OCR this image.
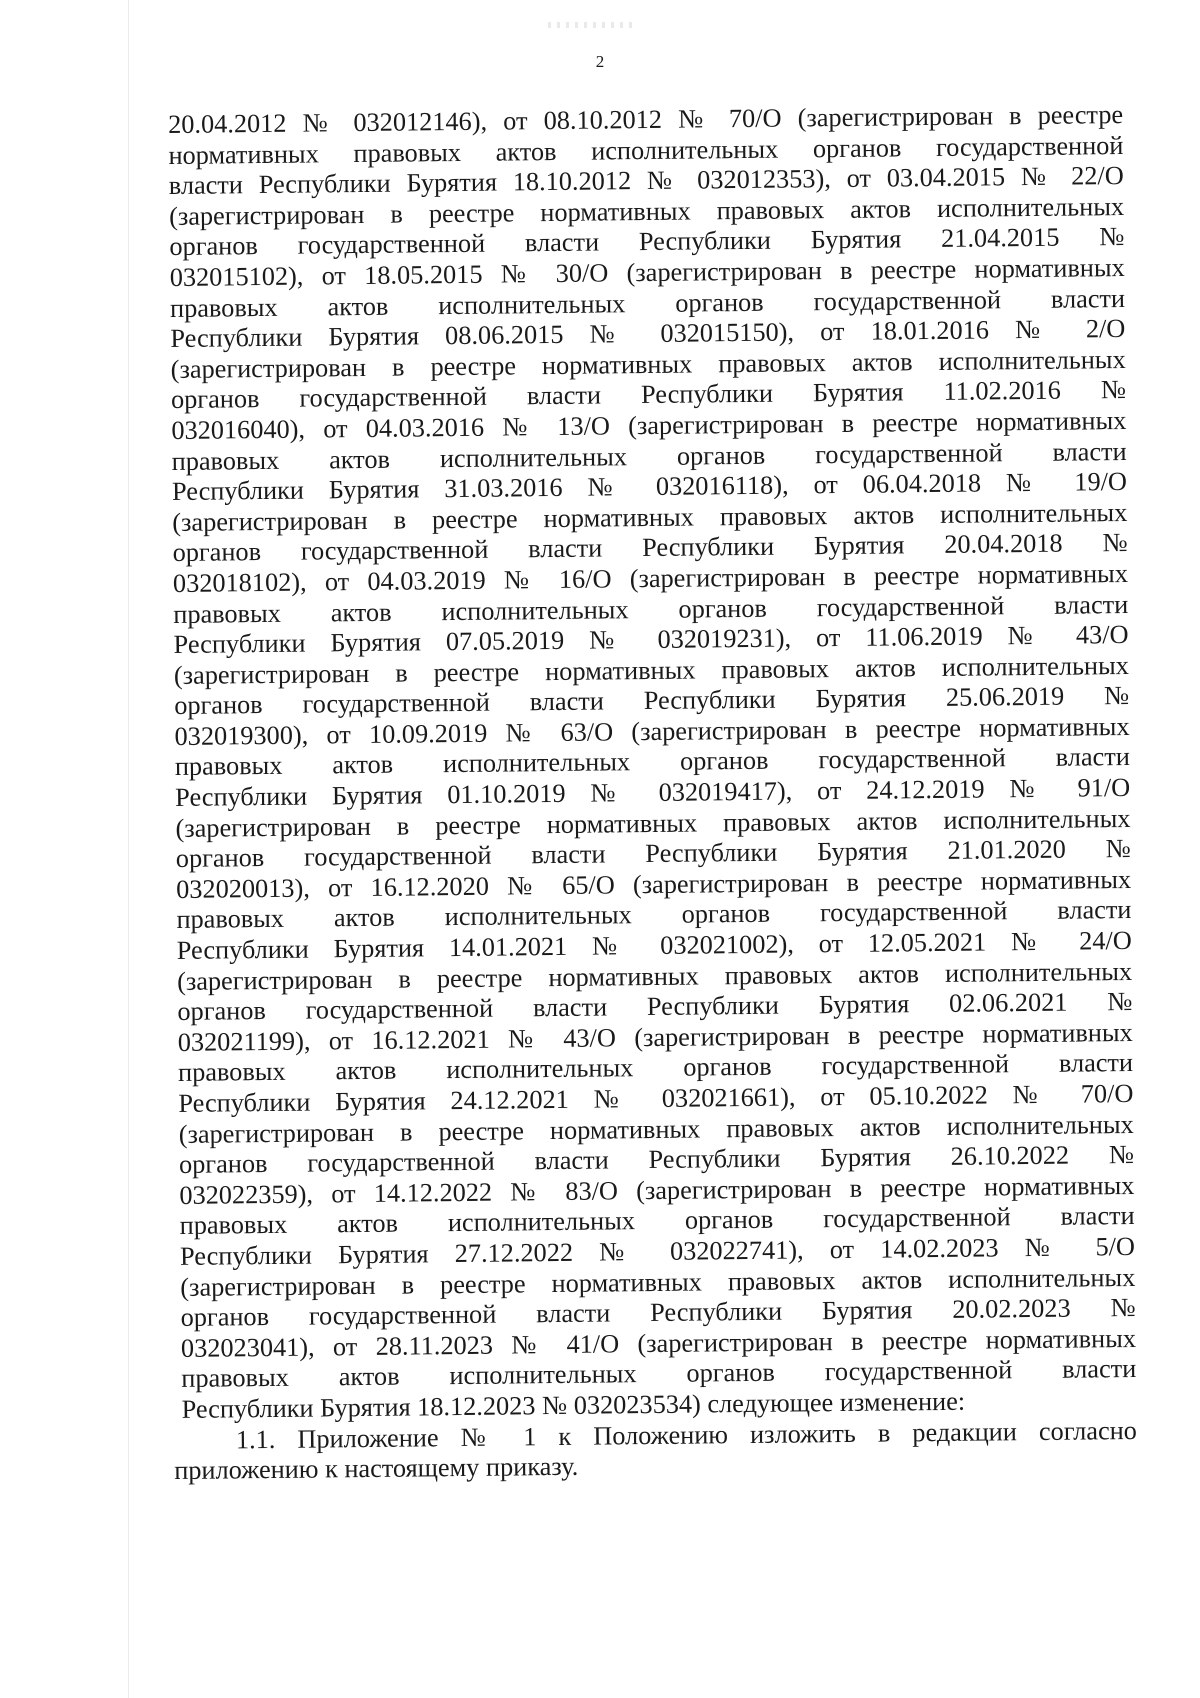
2
20.04.2012 № 032012146), от 08.10.2012 № 70/О (зарегистрирован в реестре
нормативных правовых актов исполнительных органов государственной
власти Республики Бурятия 18.10.2012 № 032012353), от 03.04.2015 № 22/О
(зарегистрирован в реестре нормативных правовых актов исполнительных
органов государственной власти Республики Бурятия 21.04.2015 №
032015102), от 18.05.2015 № 30/О (зарегистрирован в реестре нормативных
правовых актов исполнительных органов государственной власти
Республики Бурятия 08.06.2015 № 032015150), от 18.01.2016 № 2/О
(зарегистрирован в реестре нормативных правовых актов исполнительных
органов государственной власти Республики Бурятия 11.02.2016 №
032016040), от 04.03.2016 № 13/О (зарегистрирован в реестре нормативных
правовых актов исполнительных органов государственной власти
Республики Бурятия 31.03.2016 № 032016118), от 06.04.2018 № 19/О
(зарегистрирован в реестре нормативных правовых актов исполнительных
органов государственной власти Республики Бурятия 20.04.2018 №
032018102), от 04.03.2019 № 16/О (зарегистрирован в реестре нормативных
правовых актов исполнительных органов государственной власти
Республики Бурятия 07.05.2019 № 032019231), от 11.06.2019 № 43/О
(зарегистрирован в реестре нормативных правовых актов исполнительных
органов государственной власти Республики Бурятия 25.06.2019 №
032019300), от 10.09.2019 № 63/О (зарегистрирован в реестре нормативных
правовых актов исполнительных органов государственной власти
Республики Бурятия 01.10.2019 № 032019417), от 24.12.2019 № 91/О
(зарегистрирован в реестре нормативных правовых актов исполнительных
органов государственной власти Республики Бурятия 21.01.2020 №
032020013), от 16.12.2020 № 65/О (зарегистрирован в реестре нормативных
правовых актов исполнительных органов государственной власти
Республики Бурятия 14.01.2021 № 032021002), от 12.05.2021 № 24/О
(зарегистрирован в реестре нормативных правовых актов исполнительных
органов государственной власти Республики Бурятия 02.06.2021 №
032021199), от 16.12.2021 № 43/О (зарегистрирован в реестре нормативных
правовых актов исполнительных органов государственной власти
Республики Бурятия 24.12.2021 № 032021661), от 05.10.2022 № 70/О
(зарегистрирован в реестре нормативных правовых актов исполнительных
органов государственной власти Республики Бурятия 26.10.2022 №
032022359), от 14.12.2022 № 83/О (зарегистрирован в реестре нормативных
правовых актов исполнительных органов государственной власти
Республики Бурятия 27.12.2022 № 032022741), от 14.02.2023 № 5/О
(зарегистрирован в реестре нормативных правовых актов исполнительных
органов государственной власти Республики Бурятия 20.02.2023 №
032023041), от 28.11.2023 № 41/О (зарегистрирован в реестре нормативных
правовых актов исполнительных органов государственной власти
Республики Бурятия 18.12.2023 № 032023534) следующее изменение:
1.1. Приложение № 1 к Положению изложить в редакции согласно
приложению к настоящему приказу.
